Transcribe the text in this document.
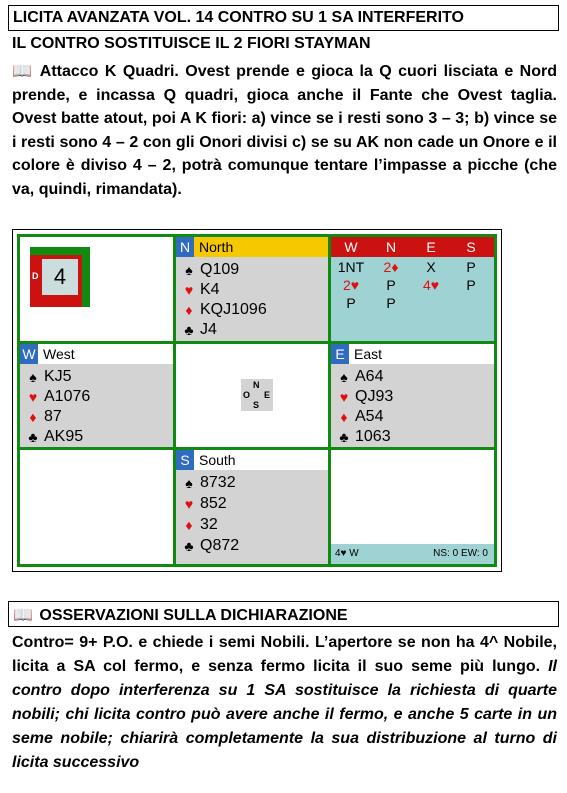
LICITA AVANZATA VOL. 14 CONTRO SU 1 SA INTERFERITO
IL CONTRO SOSTITUISCE IL 2 FIORI STAYMAN
📖 Attacco K Quadri. Ovest prende e gioca la Q cuori lisciata e Nord prende, e incassa Q quadri, gioca anche il Fante che Ovest taglia. Ovest batte atout, poi A K fiori: a) vince se i resti sono 3 – 3; b) vince se i resti sono 4 – 2 con gli Onori divisi c) se su AK non cade un Onore e il colore è diviso 4 – 2, potrà comunque tentare l’impasse a picche (che va, quindi, rimandata).
4
D
N North
♠ Q109
♥ K4
♦ KQJ1096
♣ J4
W	N	E	S
1NT	2♦	X	P
2♥	P	4♥	P
P	P
W West
♠ KJ5
♥ A1076
♦ 87
♣ AK95
N
O E
S
E East
♠ A64
♥ QJ93
♦ A54
♣ 1063
S South
♠ 8732
♥ 852
♦ 32
♣ Q872	4♥ W	NS: 0 EW: 0
📖 OSSERVAZIONI SULLA DICHIARAZIONE
Contro= 9+ P.O. e chiede i semi Nobili. L’apertore se non ha 4^ Nobile, licita a SA col fermo, e senza fermo licita il suo seme più lungo. Il contro dopo interferenza su 1 SA sostituisce la richiesta di quarte nobili; chi licita contro può avere anche il fermo, e anche 5 carte in un seme nobile; chiarirà completamente la sua distribuzione al turno di licita successivo
